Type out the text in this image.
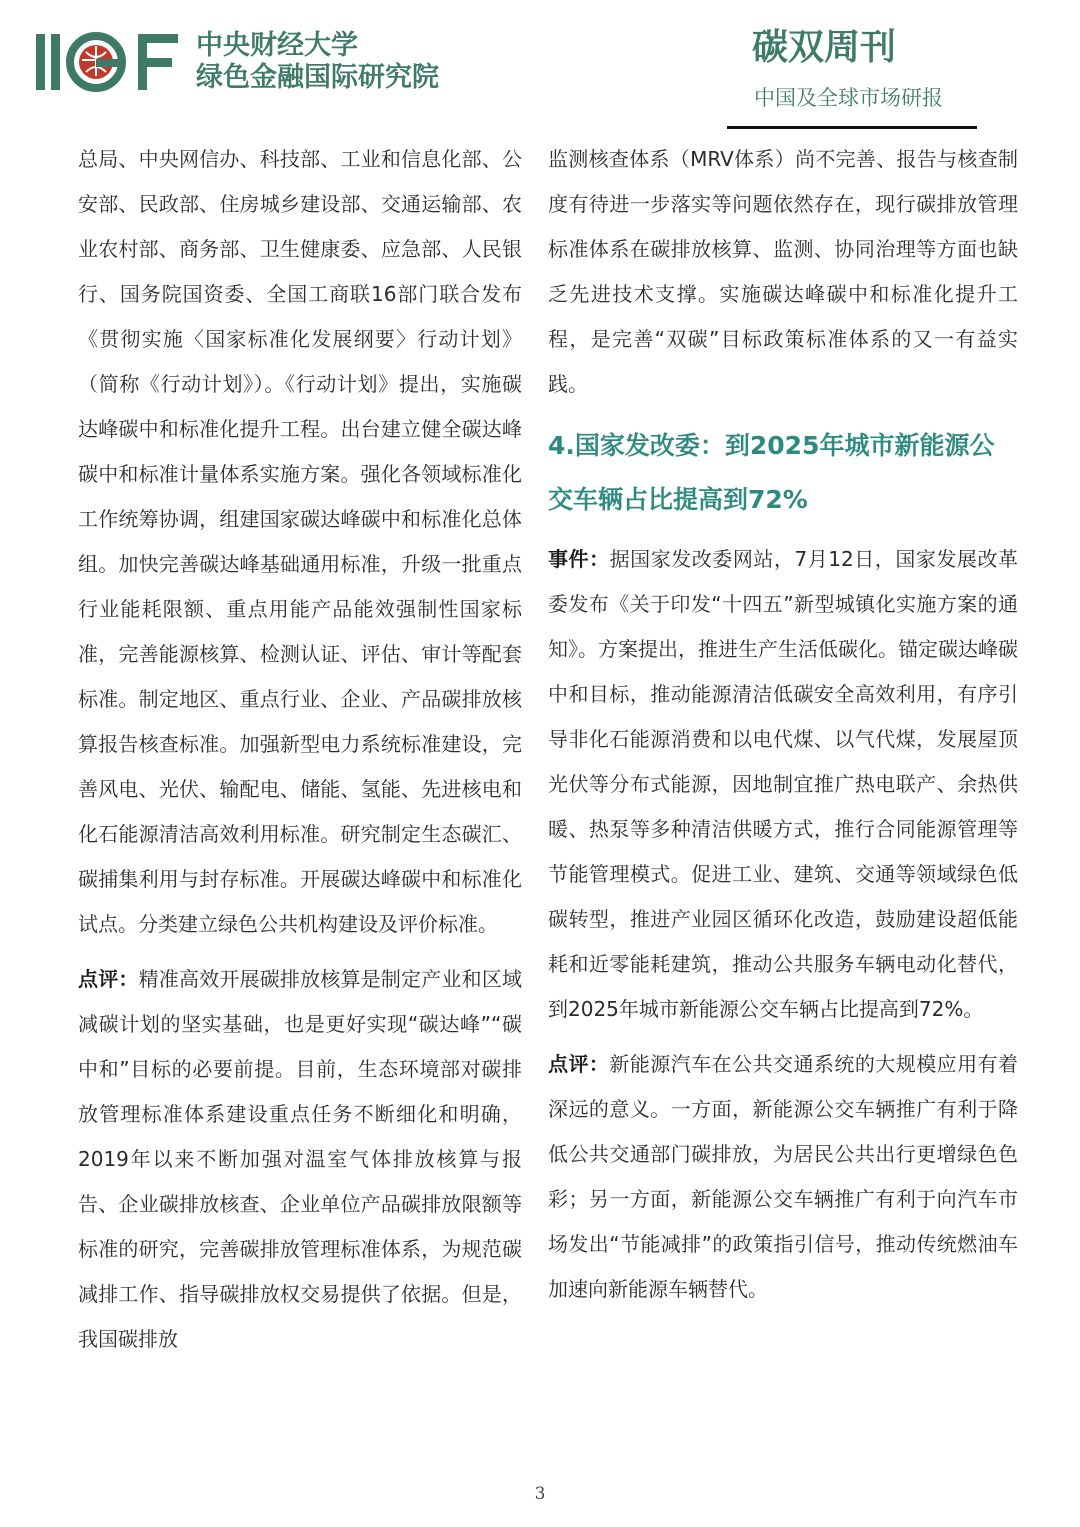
中央财经大学
绿色金融国际研究院
碳双周刊
中国及全球市场研报

总局、中央网信办、科技部、工业和信息化部、公安部、民政部、住房城乡建设部、交通运输部、农业农村部、商务部、卫生健康委、应急部、人民银行、国务院国资委、全国工商联16部门联合发布《贯彻实施〈国家标准化发展纲要〉行动计划》（简称《行动计划》）。《行动计划》提出，实施碳达峰碳中和标准化提升工程。出台建立健全碳达峰碳中和标准计量体系实施方案。强化各领域标准化工作统筹协调，组建国家碳达峰碳中和标准化总体组。加快完善碳达峰基础通用标准，升级一批重点行业能耗限额、重点用能产品能效强制性国家标准，完善能源核算、检测认证、评估、审计等配套标准。制定地区、重点行业、企业、产品碳排放核算报告核查标准。加强新型电力系统标准建设，完善风电、光伏、输配电、储能、氢能、先进核电和化石能源清洁高效利用标准。研究制定生态碳汇、碳捕集利用与封存标准。开展碳达峰碳中和标准化试点。分类建立绿色公共机构建设及评价标准。

点评：精准高效开展碳排放核算是制定产业和区域减碳计划的坚实基础，也是更好实现“碳达峰”“碳中和”目标的必要前提。目前，生态环境部对碳排放管理标准体系建设重点任务不断细化和明确，2019年以来不断加强对温室气体排放核算与报告、企业碳排放核查、企业单位产品碳排放限额等标准的研究，完善碳排放管理标准体系，为规范碳减排工作、指导碳排放权交易提供了依据。但是，我国碳排放

监测核查体系（MRV体系）尚不完善、报告与核查制度有待进一步落实等问题依然存在，现行碳排放管理标准体系在碳排放核算、监测、协同治理等方面也缺乏先进技术支撑。实施碳达峰碳中和标准化提升工程，是完善“双碳”目标政策标准体系的又一有益实践。

4.国家发改委：到2025年城市新能源公交车辆占比提高到72%

事件：据国家发改委网站，7月12日，国家发展改革委发布《关于印发“十四五”新型城镇化实施方案的通知》。方案提出，推进生产生活低碳化。锚定碳达峰碳中和目标，推动能源清洁低碳安全高效利用，有序引导非化石能源消费和以电代煤、以气代煤，发展屋顶光伏等分布式能源，因地制宜推广热电联产、余热供暖、热泵等多种清洁供暖方式，推行合同能源管理等节能管理模式。促进工业、建筑、交通等领域绿色低碳转型，推进产业园区循环化改造，鼓励建设超低能耗和近零能耗建筑，推动公共服务车辆电动化替代，到2025年城市新能源公交车辆占比提高到72%。

点评：新能源汽车在公共交通系统的大规模应用有着深远的意义。一方面，新能源公交车辆推广有利于降低公共交通部门碳排放，为居民公共出行更增绿色色彩；另一方面，新能源公交车辆推广有利于向汽车市场发出“节能减排”的政策指引信号，推动传统燃油车加速向新能源车辆替代。

3
